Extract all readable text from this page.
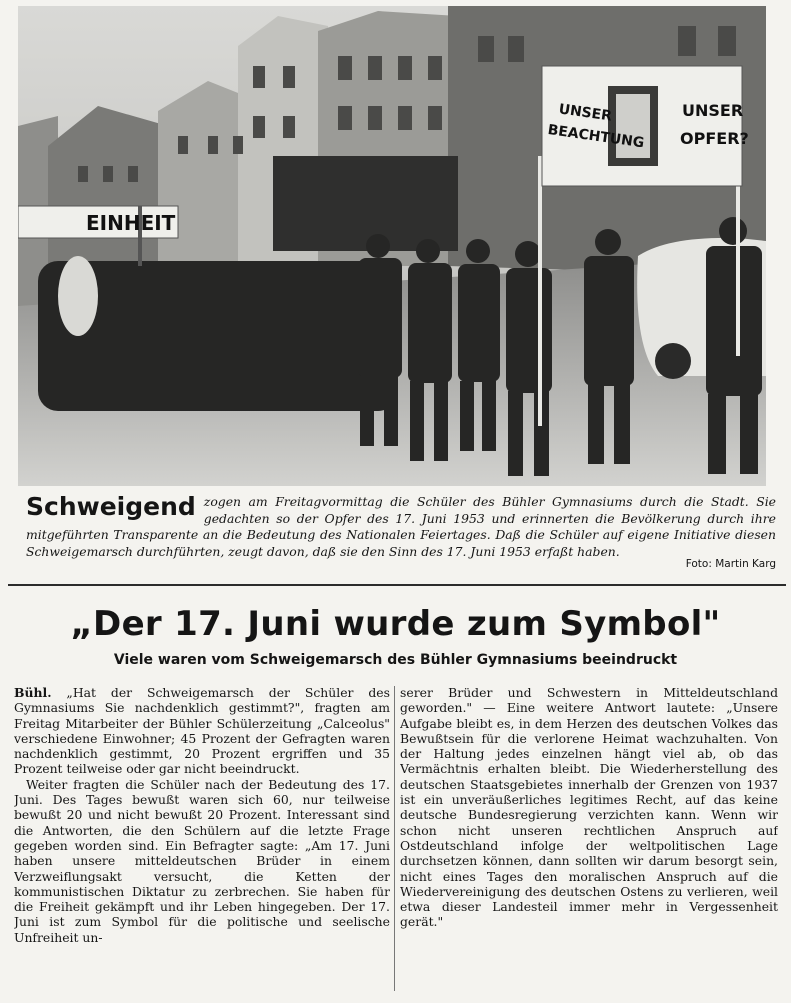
UNSER BEACHTUNG
UNSER OPFER?
EINHEIT
Schweigend zogen am Freitagvormittag die Schüler des Bühler Gymnasiums durch die Stadt. Sie gedachten so der Opfer des 17. Juni 1953 und erinnerten die Bevölkerung durch ihre mitgeführten Transparente an die Bedeutung des Nationalen Feiertages. Daß die Schüler auf eigene Initiative diesen Schweigemarsch durchführten, zeugt davon, daß sie den Sinn des 17. Juni 1953 erfaßt haben.
Foto: Martin Karg
„Der 17. Juni wurde zum Symbol"
Viele waren vom Schweigemarsch des Bühler Gymnasiums beeindruckt

Bühl. „Hat der Schweigemarsch der Schüler des Gymnasiums Sie nachdenklich gestimmt?", fragten am Freitag Mitarbeiter der Bühler Schülerzeitung „Calceolus" verschiedene Einwohner; 45 Prozent der Gefragten waren nachdenklich gestimmt, 20 Prozent ergriffen und 35 Prozent teilweise oder gar nicht beeindruckt.

Weiter fragten die Schüler nach der Bedeutung des 17. Juni. Des Tages bewußt waren sich 60, nur teilweise bewußt 20 und nicht bewußt 20 Prozent. Interessant sind die Antworten, die den Schülern auf die letzte Frage gegeben worden sind. Ein Befragter sagte: „Am 17. Juni haben unsere mitteldeutschen Brüder in einem Verzweiflungsakt versucht, die Ketten der kommunistischen Diktatur zu zerbrechen. Sie haben für die Freiheit gekämpft und ihr Leben hingegeben. Der 17. Juni ist zum Symbol für die politische und seelische Unfreiheit un-

serer Brüder und Schwestern in Mitteldeutschland geworden." — Eine weitere Antwort lautete: „Unsere Aufgabe bleibt es, in dem Herzen des deutschen Volkes das Bewußtsein für die verlorene Heimat wachzuhalten. Von der Haltung jedes einzelnen hängt viel ab, ob das Vermächtnis erhalten bleibt. Die Wiederherstellung des deutschen Staatsgebietes innerhalb der Grenzen von 1937 ist ein unveräußerliches legitimes Recht, auf das keine deutsche Bundesregierung verzichten kann. Wenn wir schon nicht unseren rechtlichen Anspruch auf Ostdeutschland infolge der weltpolitischen Lage durchsetzen können, dann sollten wir darum besorgt sein, nicht eines Tages den moralischen Anspruch auf die Wiedervereinigung des deutschen Ostens zu verlieren, weil etwa dieser Landesteil immer mehr in Vergessenheit gerät."
